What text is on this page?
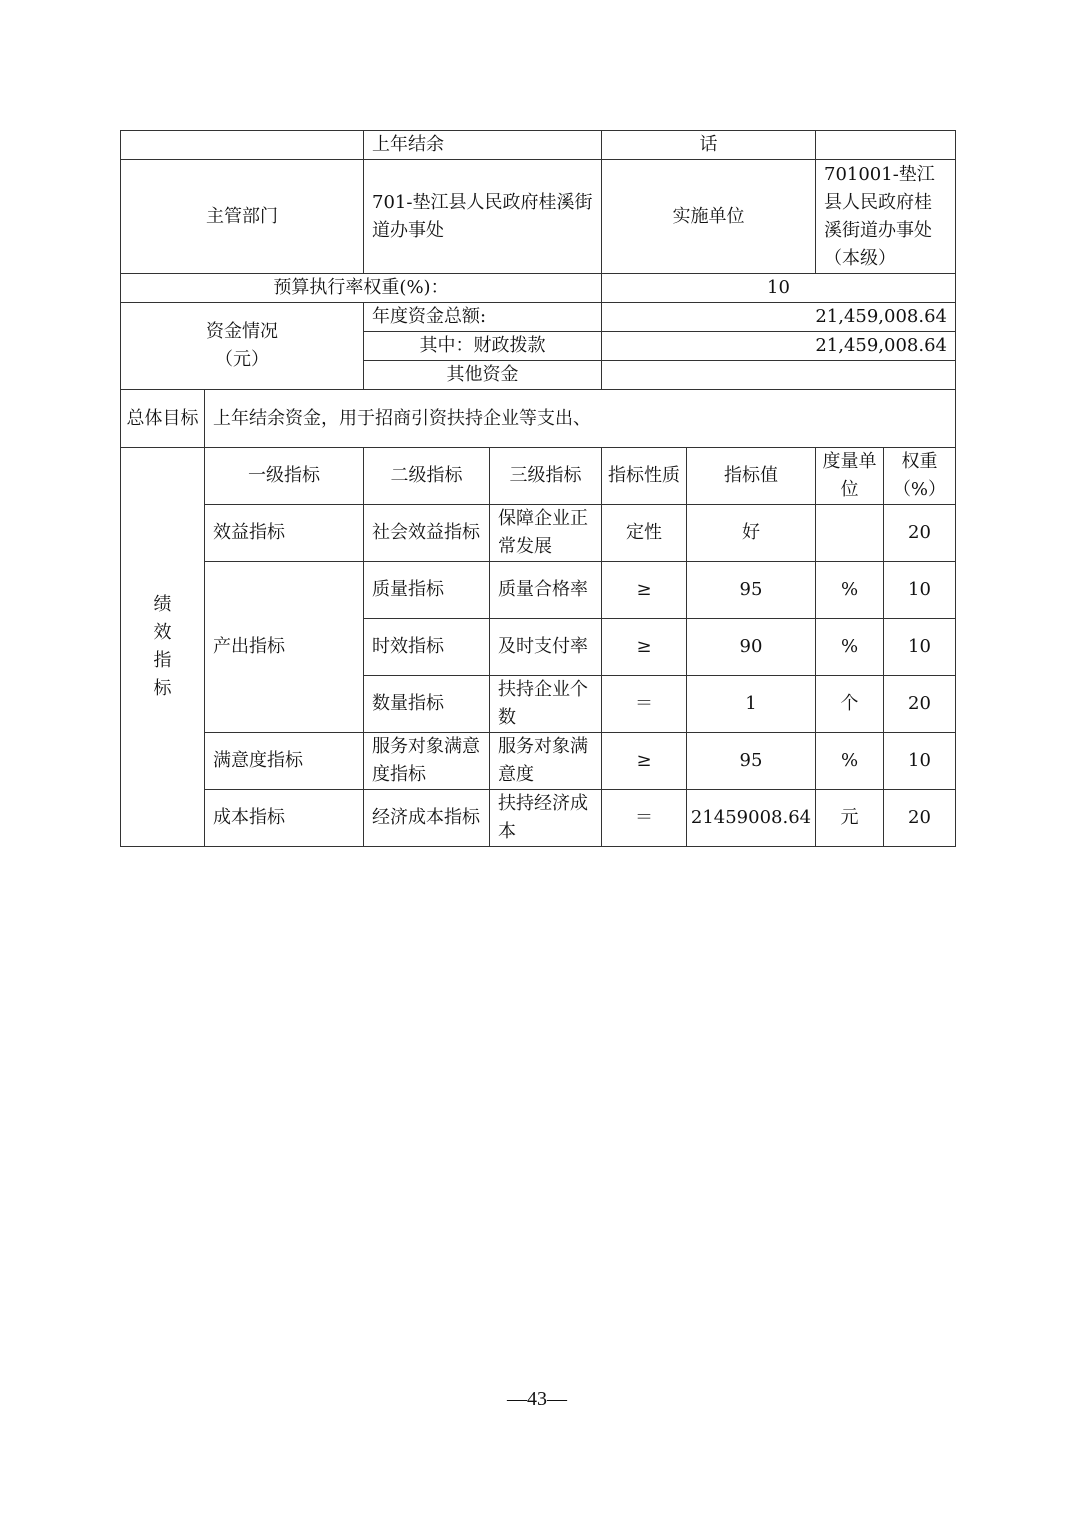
		上年结余		话			
主管部门		701-垫江县人民政府桂溪街道办事处		实施单位		701001-垫江县人民政府桂溪街道办事处（本级）	
预算执行率权重(%)：				10			

资金情况
（元）		年度资金总额:		21,459,008.64			
		其中：财政拨款		21,459,008.64			
		其他资金					
总体目标	上年结余资金，用于招商引资扶持企业等支出、						

绩
效
指
标	一级指标	二级指标	三级指标	指标性质	指标值	度量单位	权重（%）
	效益指标	社会效益指标	保障企业正常发展	定性	好		20
	产出指标	质量指标	质量合格率	≥	95	%	10
		时效指标	及时支付率	≥	90	%	10
		数量指标	扶持企业个数	＝	1	个	20
	满意度指标	服务对象满意度指标	服务对象满意度	≥	95	%	10
	成本指标	经济成本指标	扶持经济成本	＝	21459008.64	元	20
—43—
